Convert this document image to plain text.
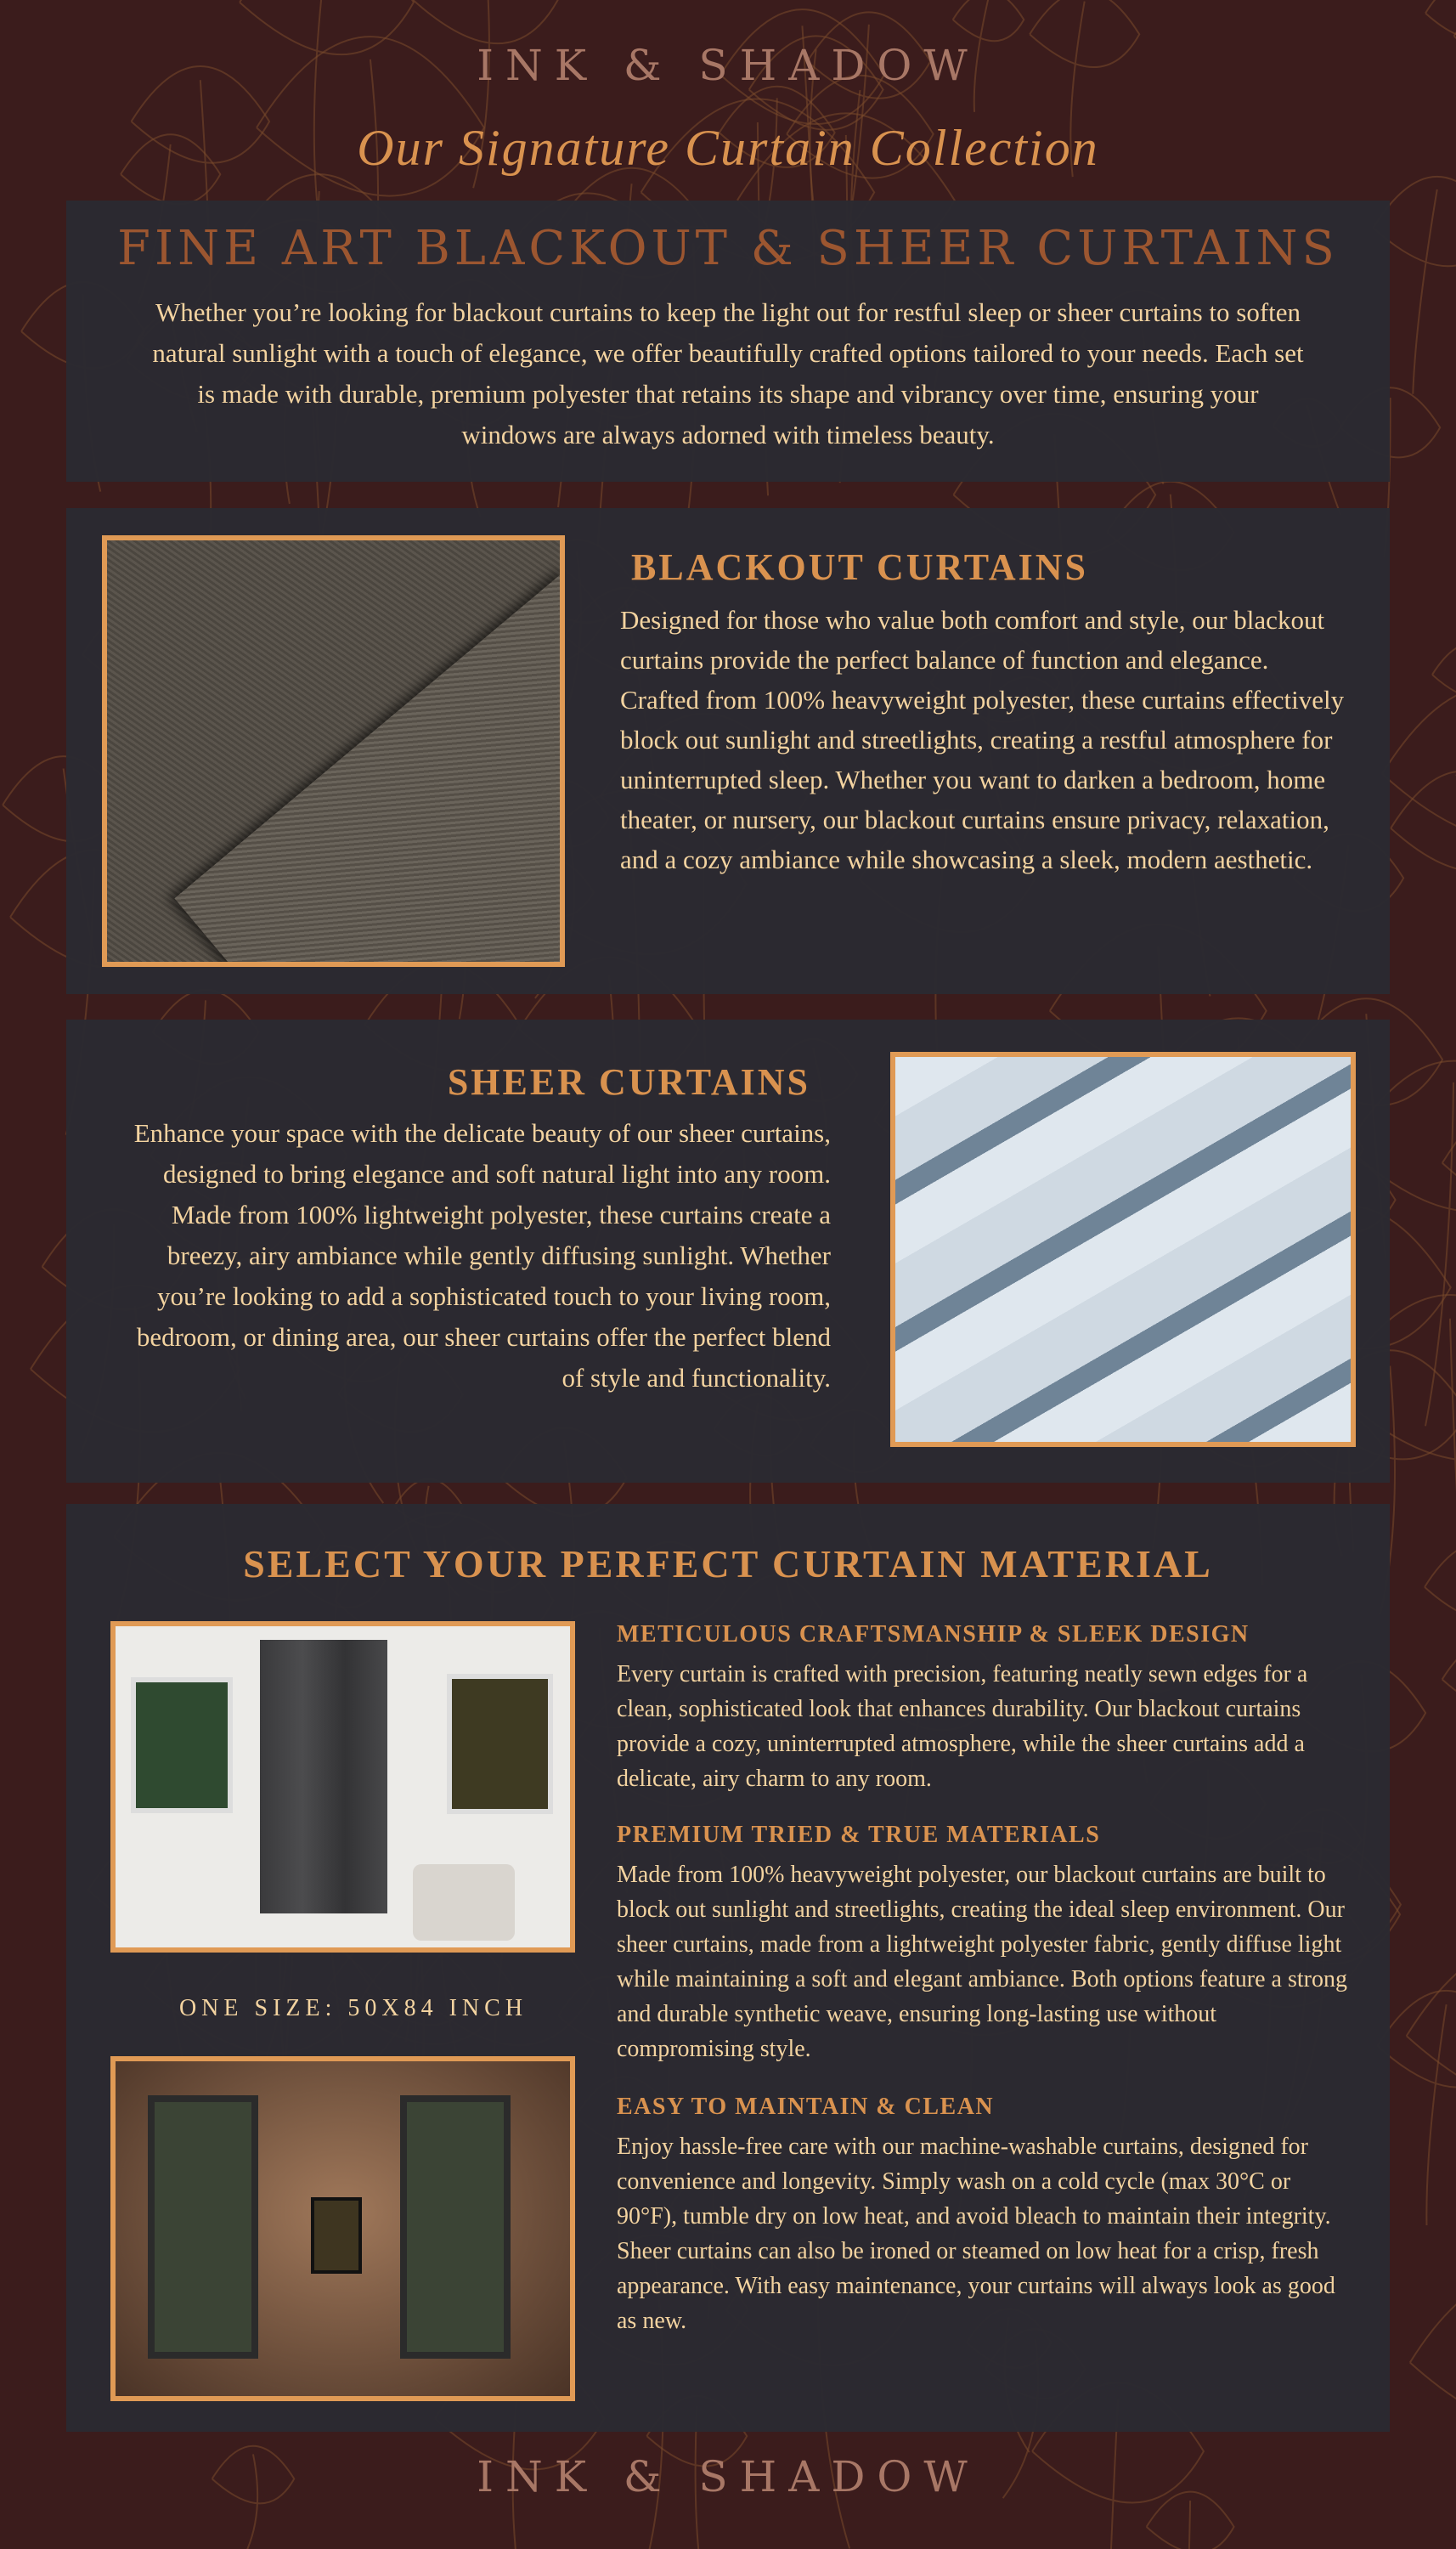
INK & SHADOW
Our Signature Curtain Collection
FINE ART BLACKOUT & SHEER CURTAINS
Whether you’re looking for blackout curtains to keep the light out for restful sleep or sheer curtains to soften natural sunlight with a touch of elegance, we offer beautifully crafted options tailored to your needs. Each set is made with durable, premium polyester that retains its shape and vibrancy over time, ensuring your windows are always adorned with timeless beauty.
BLACKOUT CURTAINS
Designed for those who value both comfort and style, our blackout curtains provide the perfect balance of function and elegance. Crafted from 100% heavyweight polyester, these curtains effectively block out sunlight and streetlights, creating a restful atmosphere for uninterrupted sleep. Whether you want to darken a bedroom, home theater, or nursery, our blackout curtains ensure privacy, relaxation, and a cozy ambiance while showcasing a sleek, modern aesthetic.
SHEER CURTAINS
Enhance your space with the delicate beauty of our sheer curtains, designed to bring elegance and soft natural light into any room. Made from 100% lightweight polyester, these curtains create a breezy, airy ambiance while gently diffusing sunlight. Whether you’re looking to add a sophisticated touch to your living room, bedroom, or dining area, our sheer curtains offer the perfect blend of style and functionality.
SELECT YOUR PERFECT CURTAIN MATERIAL
ONE SIZE: 50X84 INCH
METICULOUS CRAFTSMANSHIP & SLEEK DESIGN
Every curtain is crafted with precision, featuring neatly sewn edges for a clean, sophisticated look that enhances durability. Our blackout curtains provide a cozy, uninterrupted atmosphere, while the sheer curtains add a delicate, airy charm to any room.
PREMIUM TRIED & TRUE MATERIALS
Made from 100% heavyweight polyester, our blackout curtains are built to block out sunlight and streetlights, creating the ideal sleep environment. Our sheer curtains, made from a lightweight polyester fabric, gently diffuse light while maintaining a soft and elegant ambiance. Both options feature a strong and durable synthetic weave, ensuring long-lasting use without compromising style.
EASY TO MAINTAIN & CLEAN
Enjoy hassle-free care with our machine-washable curtains, designed for convenience and longevity. Simply wash on a cold cycle (max 30°C or 90°F), tumble dry on low heat, and avoid bleach to maintain their integrity. Sheer curtains can also be ironed or steamed on low heat for a crisp, fresh appearance. With easy maintenance, your curtains will always look as good as new.
INK & SHADOW
